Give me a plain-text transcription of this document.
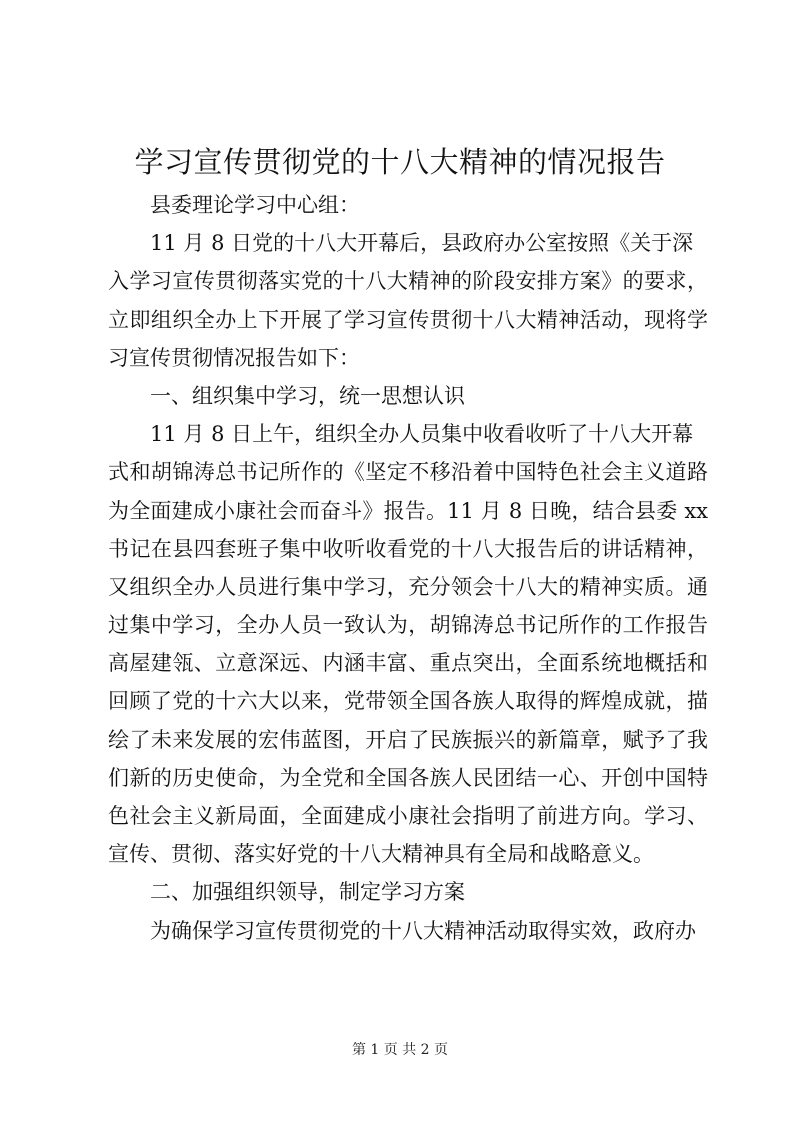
学习宣传贯彻党的十八大精神的情况报告
县委理论学习中心组：
11 月 8 日党的十八大开幕后，县政府办公室按照《关于深
入学习宣传贯彻落实党的十八大精神的阶段安排方案》的要求，
立即组织全办上下开展了学习宣传贯彻十八大精神活动，现将学
习宣传贯彻情况报告如下：
一、组织集中学习，统一思想认识
11 月 8 日上午，组织全办人员集中收看收听了十八大开幕
式和胡锦涛总书记所作的《坚定不移沿着中国特色社会主义道路
为全面建成小康社会而奋斗》报告。11 月 8 日晚，结合县委 xx
书记在县四套班子集中收听收看党的十八大报告后的讲话精神，
又组织全办人员进行集中学习，充分领会十八大的精神实质。通
过集中学习，全办人员一致认为，胡锦涛总书记所作的工作报告
高屋建瓴、立意深远、内涵丰富、重点突出，全面系统地概括和
回顾了党的十六大以来，党带领全国各族人取得的辉煌成就，描
绘了未来发展的宏伟蓝图，开启了民族振兴的新篇章，赋予了我
们新的历史使命，为全党和全国各族人民团结一心、开创中国特
色社会主义新局面，全面建成小康社会指明了前进方向。学习、
宣传、贯彻、落实好党的十八大精神具有全局和战略意义。
二、加强组织领导，制定学习方案
为确保学习宣传贯彻党的十八大精神活动取得实效，政府办
第 1 页 共 2 页
